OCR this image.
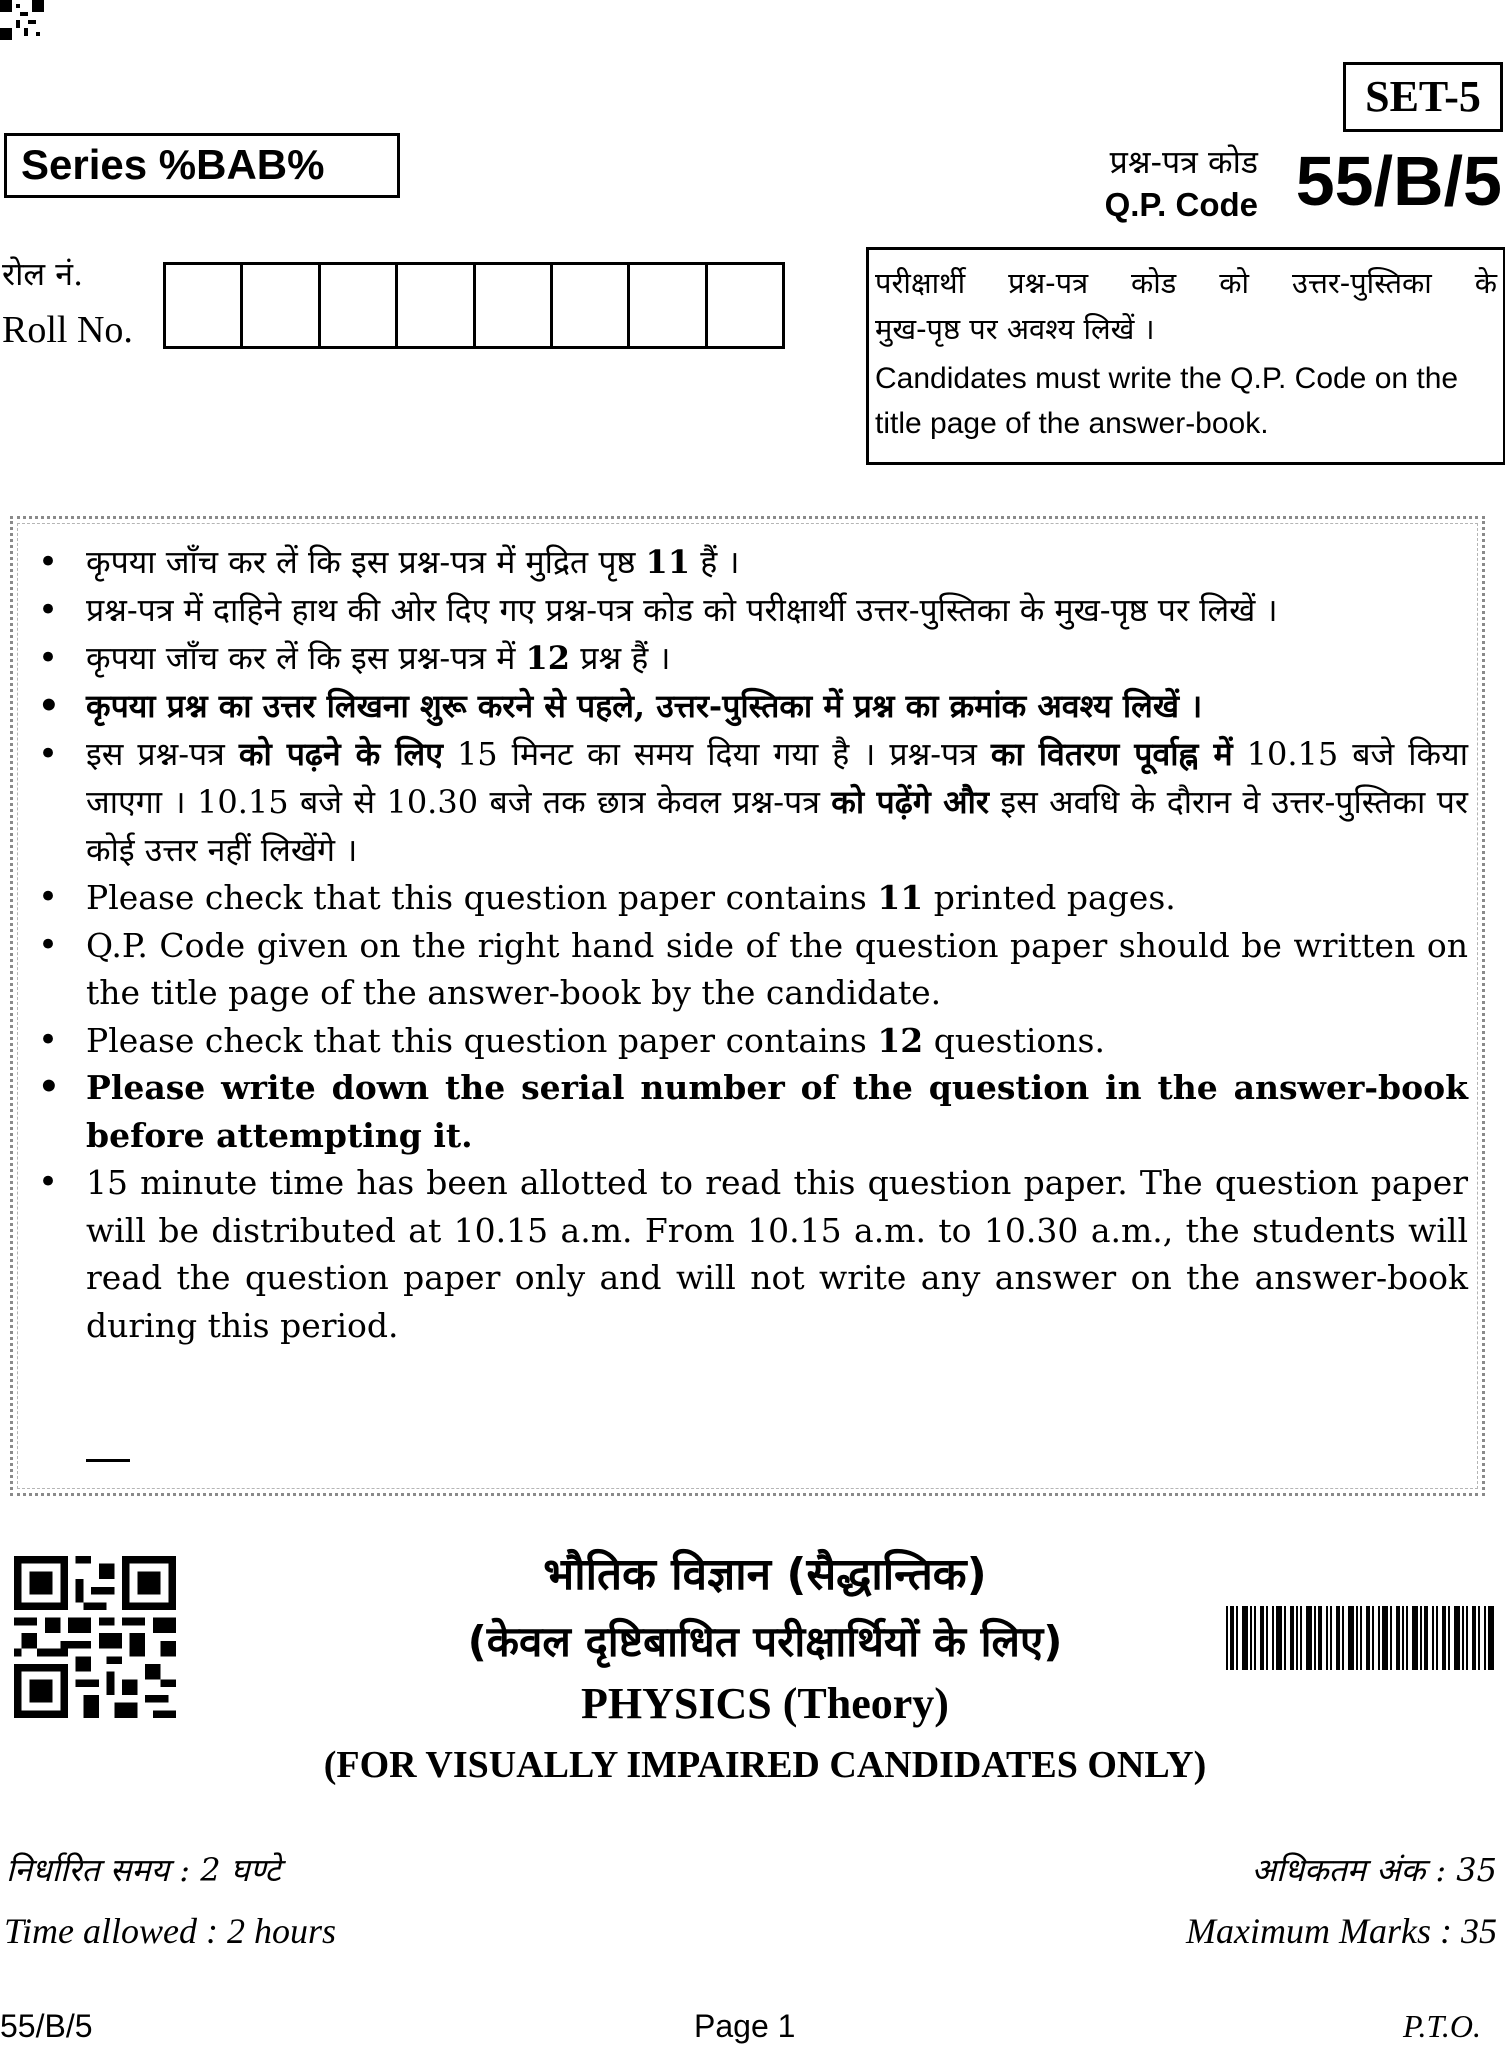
SET-5
Series %BAB%	प्रश्न-पत्र कोड
Q.P. Code 55/B/5
रोल नं.
Roll No.
परीक्षार्थी प्रश्न-पत्र कोड को उत्तर-पुस्तिका के
मुख-पृष्ठ पर अवश्य लिखें ।
Candidates must write the Q.P. Code on the title page of the answer-book.
• कृपया जाँच कर लें कि इस प्रश्न-पत्र में मुद्रित पृष्ठ 11 हैं ।
• प्रश्न-पत्र में दाहिने हाथ की ओर दिए गए प्रश्न-पत्र कोड को परीक्षार्थी उत्तर-पुस्तिका के मुख-पृष्ठ पर लिखें ।
• कृपया जाँच कर लें कि इस प्रश्न-पत्र में 12 प्रश्न हैं ।
• कृपया प्रश्न का उत्तर लिखना शुरू करने से पहले, उत्तर-पुस्तिका में प्रश्न का क्रमांक अवश्य लिखें ।
• इस प्रश्न-पत्र को पढ़ने के लिए 15 मिनट का समय दिया गया है । प्रश्न-पत्र का वितरण पूर्वाह्न में 10.15 बजे किया जाएगा । 10.15 बजे से 10.30 बजे तक छात्र केवल प्रश्न-पत्र को पढ़ेंगे और इस अवधि के दौरान वे उत्तर-पुस्तिका पर कोई उत्तर नहीं लिखेंगे ।
• Please check that this question paper contains 11 printed pages.
• Q.P. Code given on the right hand side of the question paper should be written on the title page of the answer-book by the candidate.
• Please check that this question paper contains 12 questions.
• Please write down the serial number of the question in the answer-book before attempting it.
• 15 minute time has been allotted to read this question paper. The question paper will be distributed at 10.15 a.m. From 10.15 a.m. to 10.30 a.m., the students will read the question paper only and will not write any answer on the answer-book during this period.
भौतिक विज्ञान (सैद्धान्तिक)
(केवल दृष्टिबाधित परीक्षार्थियों के लिए)
PHYSICS (Theory)
(FOR VISUALLY IMPAIRED CANDIDATES ONLY)
निर्धारित समय : 2 घण्टे
Time allowed : 2 hours
अधिकतम अंक : 35
Maximum Marks : 35
55/B/5	Page 1	P.T.O.
